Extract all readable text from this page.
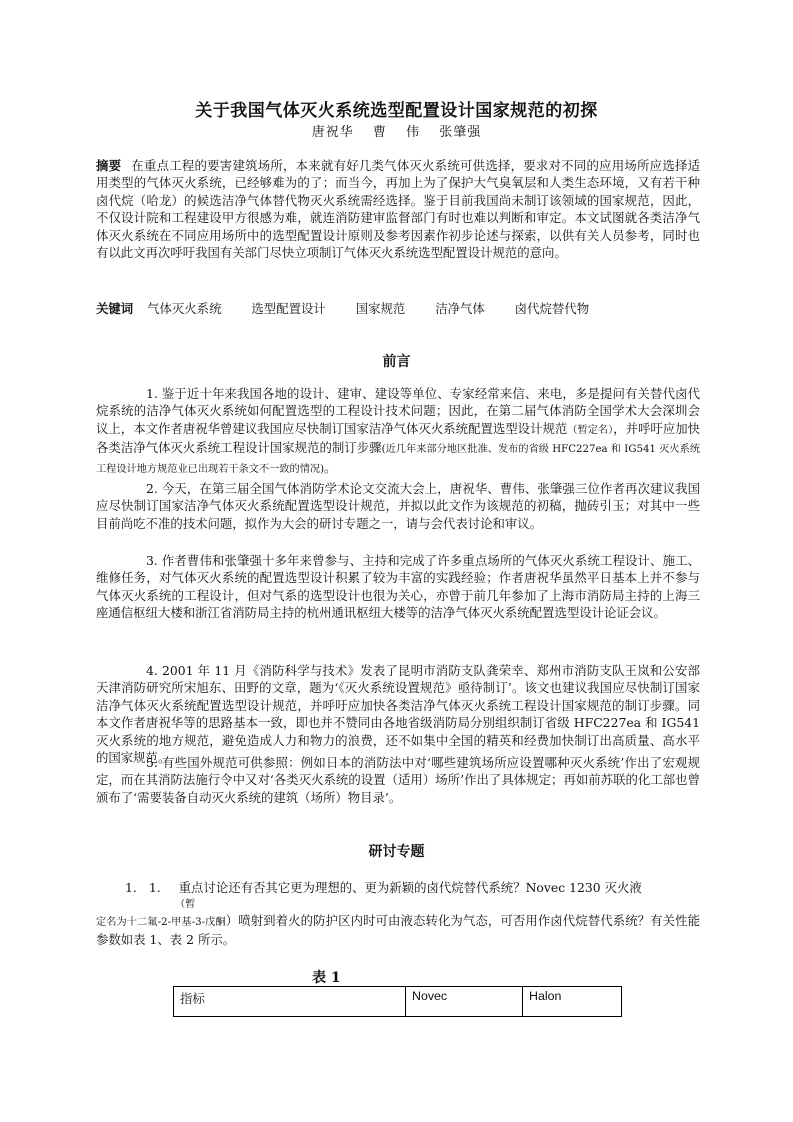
关于我国气体灭火系统选型配置设计国家规范的初探
唐祝华 曹 伟 张肇强
摘要 在重点工程的要害建筑场所，本来就有好几类气体灭火系统可供选择，要求对不同的应用场所应选择适用类型的气体灭火系统，已经够难为的了；而当今，再加上为了保护大气臭氧层和人类生态环境，又有若干种卤代烷（哈龙）的候选洁净气体替代物灭火系统需经选择。鉴于目前我国尚未制订该领域的国家规范，因此，不仅设计院和工程建设甲方很感为难，就连消防建审监督部门有时也难以判断和审定。本文试图就各类洁净气体灭火系统在不同应用场所中的选型配置设计原则及参考因素作初步论述与探索，以供有关人员参考，同时也有以此文再次呼吁我国有关部门尽快立项制订气体灭火系统选型配置设计规范的意向。
关键词 气体灭火系统 选型配置设计 国家规范 洁净气体 卤代烷替代物
前言
1. 鉴于近十年来我国各地的设计、建审、建设等单位、专家经常来信、来电，多是提问有关替代卤代烷系统的洁净气体灭火系统如何配置选型的工程设计技术问题；因此，在第二届气体消防全国学术大会深圳会议上，本文作者唐祝华曾建议我国应尽快制订国家洁净气体灭火系统配置选型设计规范（暂定名），并呼吁应加快各类洁净气体灭火系统工程设计国家规范的制订步骤(近几年来部分地区批准、发布的省级 HFC227ea 和 IG541 灭火系统工程设计地方规范业已出现若干条文不一致的情况)。
2. 今天，在第三届全国气体消防学术论文交流大会上，唐祝华、曹伟、张肇强三位作者再次建议我国应尽快制订国家洁净气体灭火系统配置选型设计规范，并拟以此文作为该规范的初稿，抛砖引玉；对其中一些目前尚吃不准的技术问题，拟作为大会的研讨专题之一，请与会代表讨论和审议。
3. 作者曹伟和张肇强十多年来曾参与、主持和完成了许多重点场所的气体灭火系统工程设计、施工、维修任务，对气体灭火系统的配置选型设计积累了较为丰富的实践经验；作者唐祝华虽然平日基本上并不参与气体灭火系统的工程设计，但对气系的选型设计也很为关心，亦曾于前几年参加了上海市消防局主持的上海三座通信枢纽大楼和浙江省消防局主持的杭州通讯枢纽大楼等的洁净气体灭火系统配置选型设计论证会议。
4. 2001 年 11 月《消防科学与技术》发表了昆明市消防支队龚荣幸、郑州市消防支队王岚和公安部天津消防研究所宋旭东、田野的文章，题为‘《灭火系统设置规范》亟待制订’。该文也建议我国应尽快制订国家洁净气体灭火系统配置选型设计规范，并呼吁应加快各类洁净气体灭火系统工程设计国家规范的制订步骤。同本文作者唐祝华等的思路基本一致，即也并不赞同由各地省级消防局分别组织制订省级 HFC227ea 和 IG541 灭火系统的地方规范，避免造成人力和物力的浪费，还不如集中全国的精英和经费加快制订出高质量、高水平的国家规范。
5. 有些国外规范可供参照：例如日本的消防法中对‘哪些建筑场所应设置哪种灭火系统’作出了宏观规定，而在其消防法施行令中又对‘各类灭火系统的设置（适用）场所’作出了具体规定；再如前苏联的化工部也曾颁布了‘需要装备自动灭火系统的建筑（场所）物目录’。
研讨专题
1. 1. 重点讨论还有否其它更为理想的、更为新颖的卤代烷替代系统？Novec 1230 灭火液
（暂
定名为十二氟-2-甲基-3-戊酮）喷射到着火的防护区内时可由液态转化为气态，可否用作卤代烷替代系统？有关性能参数如表 1、表 2 所示。
表 1
指标	Novec	Halon
